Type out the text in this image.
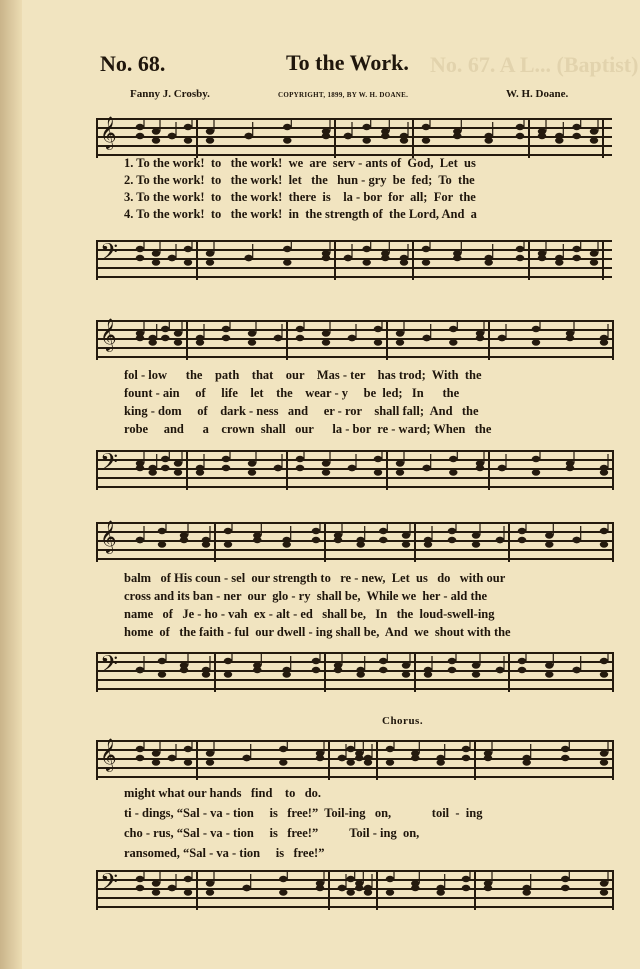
No. 67. A L... (Baptist)
No. 68.	To the Work.
Fanny J. Crosby.	COPYRIGHT, 1899, BY W. H. DOANE.	W. H. Doane.
𝄞
1. To the work!  to   the work!  we  are  serv - ants of  God,  Let  us
2. To the work!  to   the work!  let   the   hun - gry  be  fed;  To  the
3. To the work!  to   the work!  there  is    la - bor  for  all;  For  the
4. To the work!  to   the work!  in  the strength of  the Lord, And  a
𝄢
𝄞
fol - low      the    path    that    our    Mas - ter    has trod;  With  the
fount - ain     of     life    let    the    wear - y     be  led;   In      the
king - dom     of    dark - ness   and     er - ror    shall fall;  And   the
robe     and      a    crown  shall   our      la - bor  re - ward; When   the
𝄢
𝄞
balm   of His coun - sel  our strength to   re - new,  Let  us   do   with our
cross and its ban - ner  our  glo - ry  shall be,  While we  her - ald the
name   of   Je - ho - vah  ex - alt - ed   shall be,   In   the  loud-swell-ing
home  of   the faith - ful  our dwell - ing shall be,  And  we  shout with the
𝄢
Chorus.
𝄞
might what our hands   find    to   do.
ti - dings, “Sal - va - tion     is   free!”  Toil-ing   on,             toil  -  ing
cho - rus, “Sal - va - tion     is   free!”          Toil - ing  on,
ransomed, “Sal - va - tion     is   free!”
𝄢
